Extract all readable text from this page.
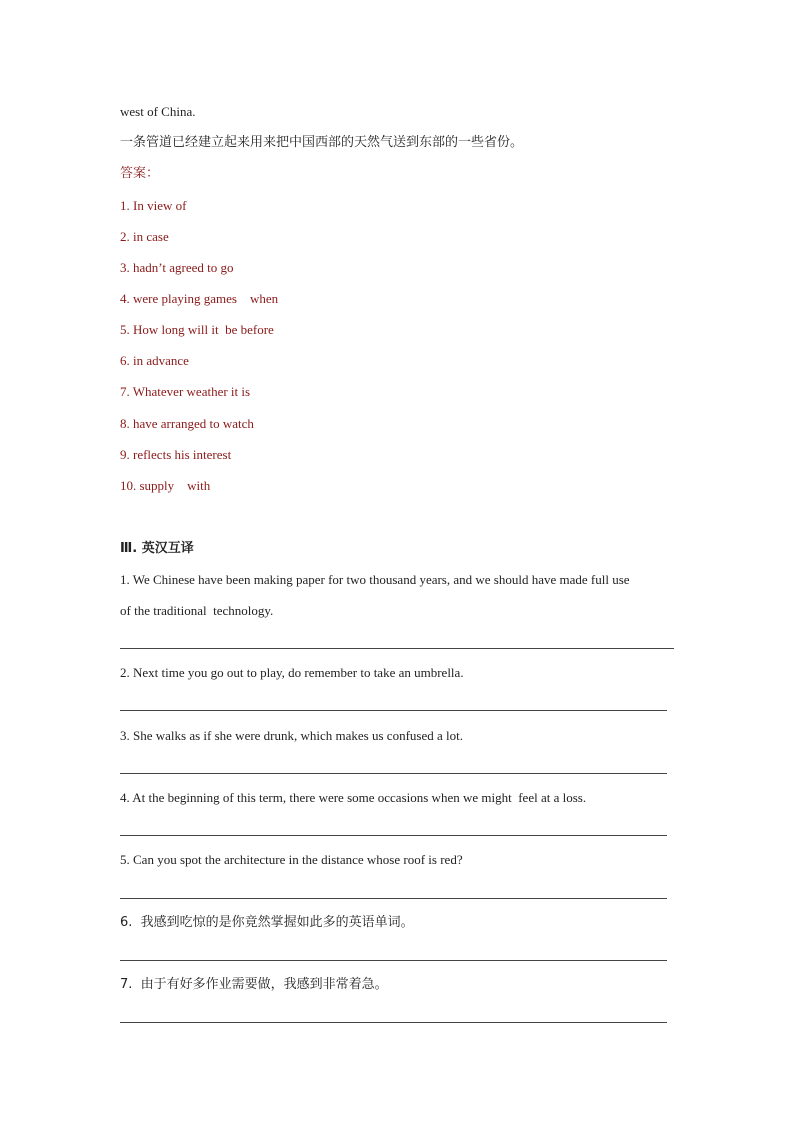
west of China.
一条管道已经建立起来用来把中国西部的天然气送到东部的一些省份。
答案：
1. In view of
2. in case
3. hadn’t agreed to go
4. were playing games    when
5. How long will it  be before
6. in advance
7. Whatever weather it is
8. have arranged to watch
9. reflects his interest
10. supply    with
Ⅲ. 英汉互译
1. We Chinese have been making paper for two thousand years, and we should have made full use
of the traditional  technology.
2. Next time you go out to play, do remember to take an umbrella.
3. She walks as if she were drunk, which makes us confused a lot.
4. At the beginning of this term, there were some occasions when we might  feel at a loss.
5. Can you spot the architecture in the distance whose roof is red?
6.  我感到吃惊的是你竟然掌握如此多的英语单词。
7.  由于有好多作业需要做，我感到非常着急。
